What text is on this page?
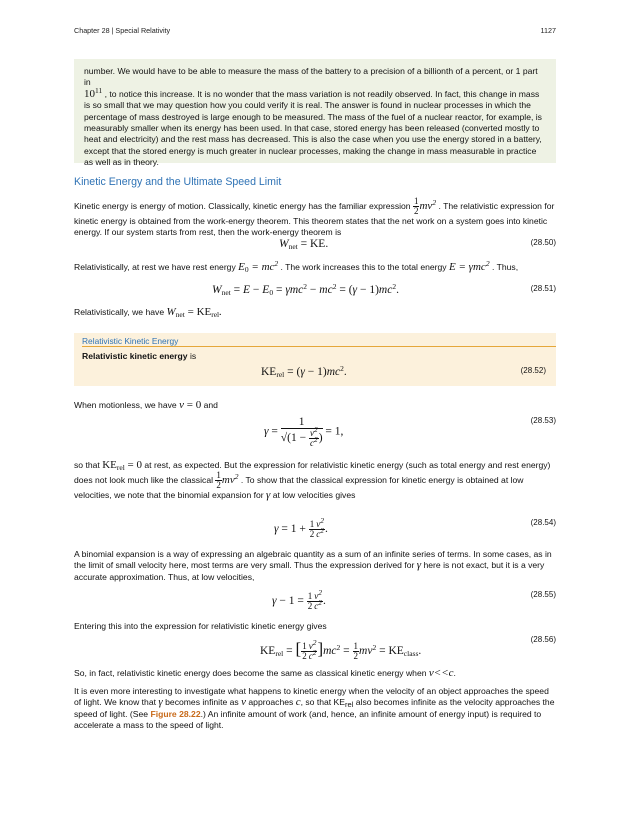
Chapter 28 | Special Relativity	1127
number. We would have to be able to measure the mass of the battery to a precision of a billionth of a percent, or 1 part in
$10^{11}$ , to notice this increase. It is no wonder that the mass variation is not readily observed. In fact, this change in mass is so small that we may question how you could verify it is real. The answer is found in nuclear processes in which the percentage of mass destroyed is large enough to be measured. The mass of the fuel of a nuclear reactor, for example, is measurably smaller when its energy has been used. In that case, stored energy has been released (converted mostly to heat and electricity) and the rest mass has decreased. This is also the case when you use the energy stored in a battery, except that the stored energy is much greater in nuclear processes, making the change in mass measurable in practice as well as in theory.
Kinetic Energy and the Ultimate Speed Limit
Kinetic energy is energy of motion. Classically, kinetic energy has the familiar expression $\frac{1}{2} mv^2$ . The relativistic expression for kinetic energy is obtained from the work-energy theorem. This theorem states that the net work on a system goes into kinetic energy. If our system starts from rest, then the work-energy theorem is
Wnet = KE.	(28.50)
Relativistically, at rest we have rest energy $E0 = mc^2$ . The work increases this to the total energy E = γmc$^2$ . Thus,
Wnet = $E - E0 = \gamma mc^2 - mc^2 = (\gamma - 1)mc^2$.	(28.51)
Relativistically, we have Wnet = KErel.
Relativistic Kinetic Energy
Relativistic kinetic energy is
KErel = $(\gamma - 1)mc^2$.	(28.52)
When motionless, we have v = 0 and
$\gamma = \frac{1}{√(1 - \frac{v^2}{c^2} )} = 1$,
(28.53)
so that KErel = 0 at rest, as expected. But the expression for relativistic kinetic energy (such as total energy and rest energy) does not look much like the classical $\frac{1}{2} mv^2$ . To show that the classical expression for kinetic energy is obtained at low velocities, we note that the binomial expansion for γ at low velocities gives
$\gamma = 1 + \frac{1}{2} \frac{v^2}{c^2}$ .
(28.54)
A binomial expansion is a way of expressing an algebraic quantity as a sum of an infinite series of terms. In some cases, as in the limit of small velocity here, most terms are very small. Thus the expression derived for γ here is not exact, but it is a very accurate approximation. Thus, at low velocities,
$\gamma - 1 = \frac{1}{2} \frac{v^2}{c^2}$ .
(28.55)
Entering this into the expression for relativistic kinetic energy gives
KErel = [ $\frac{1}{2} \frac{v^2}{c^2} ]mc^2 = \frac{1}{2} mv^2$ = KEclass.
(28.56)
So, in fact, relativistic kinetic energy does become the same as classical kinetic energy when v<<c.
It is even more interesting to investigate what happens to kinetic energy when the velocity of an object approaches the speed of light. We know that γ becomes infinite as v approaches c, so that KErel also becomes infinite as the velocity approaches the speed of light. (See Figure 28.22.) An infinite amount of work (and, hence, an infinite amount of energy input) is required to accelerate a mass to the speed of light.
